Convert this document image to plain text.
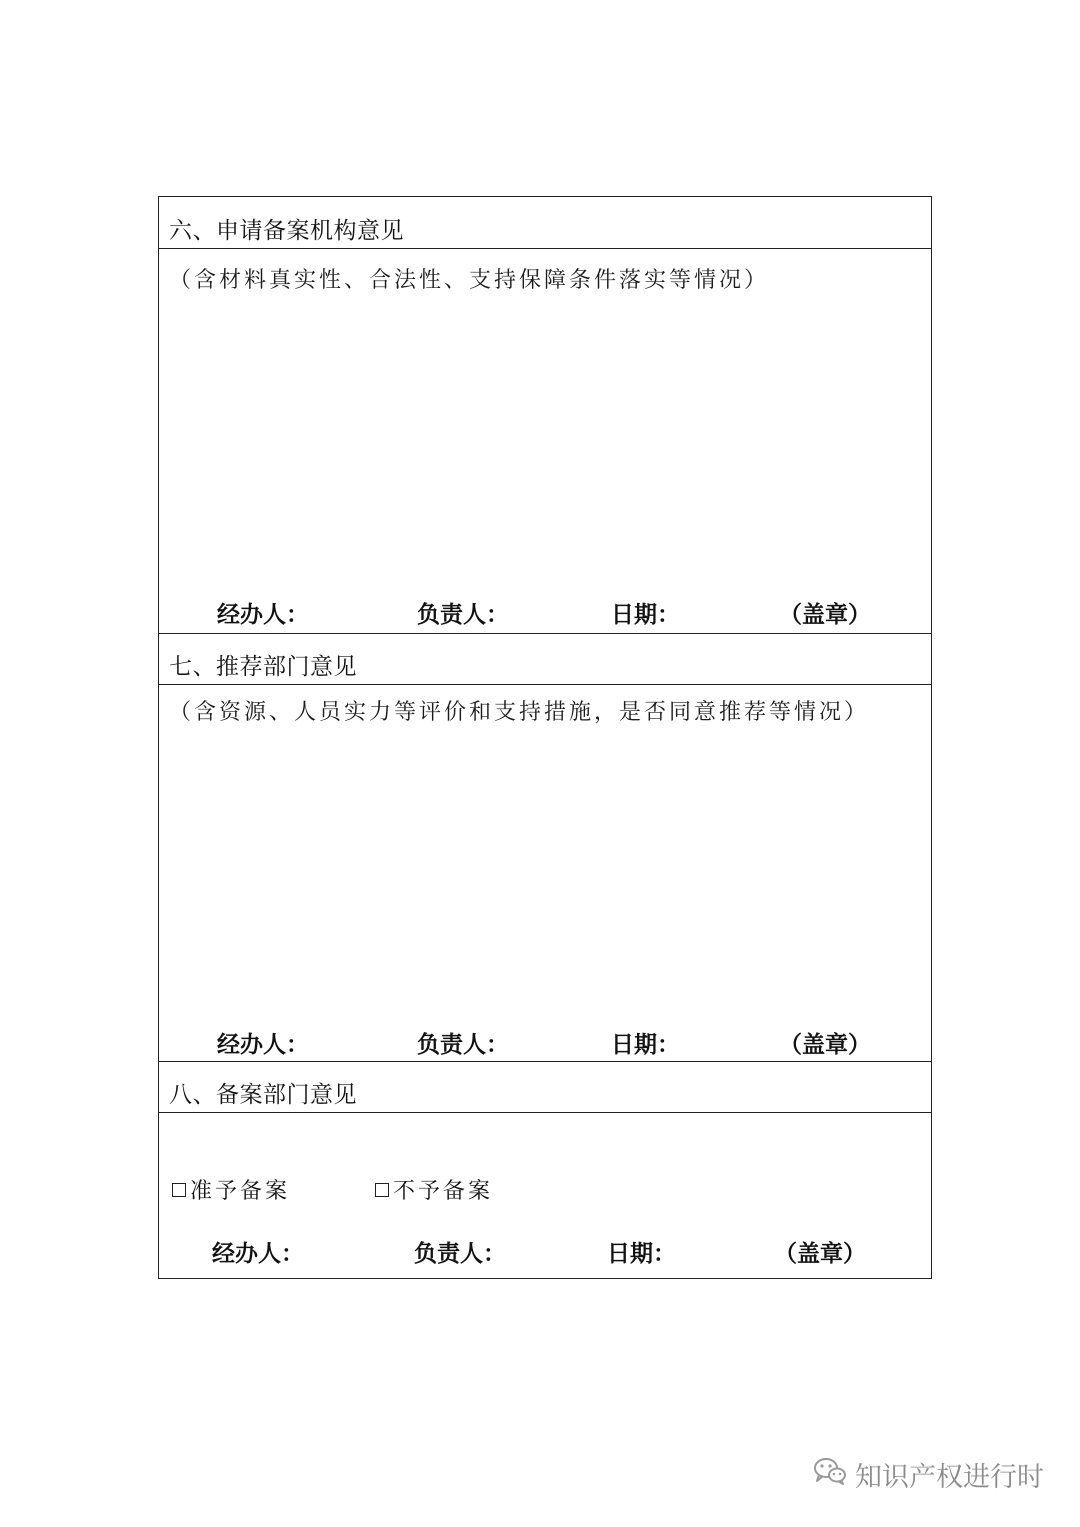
六、申请备案机构意见
（含材料真实性、合法性、支持保障条件落实等情况）
经办人：	负责人：	日期：	（盖章）
七、推荐部门意见
（含资源、人员实力等评价和支持措施，是否同意推荐等情况）
经办人：	负责人：	日期：	（盖章）
八、备案部门意见
准予备案	不予备案
经办人：	负责人：	日期：	（盖章）
知识产权进行时
